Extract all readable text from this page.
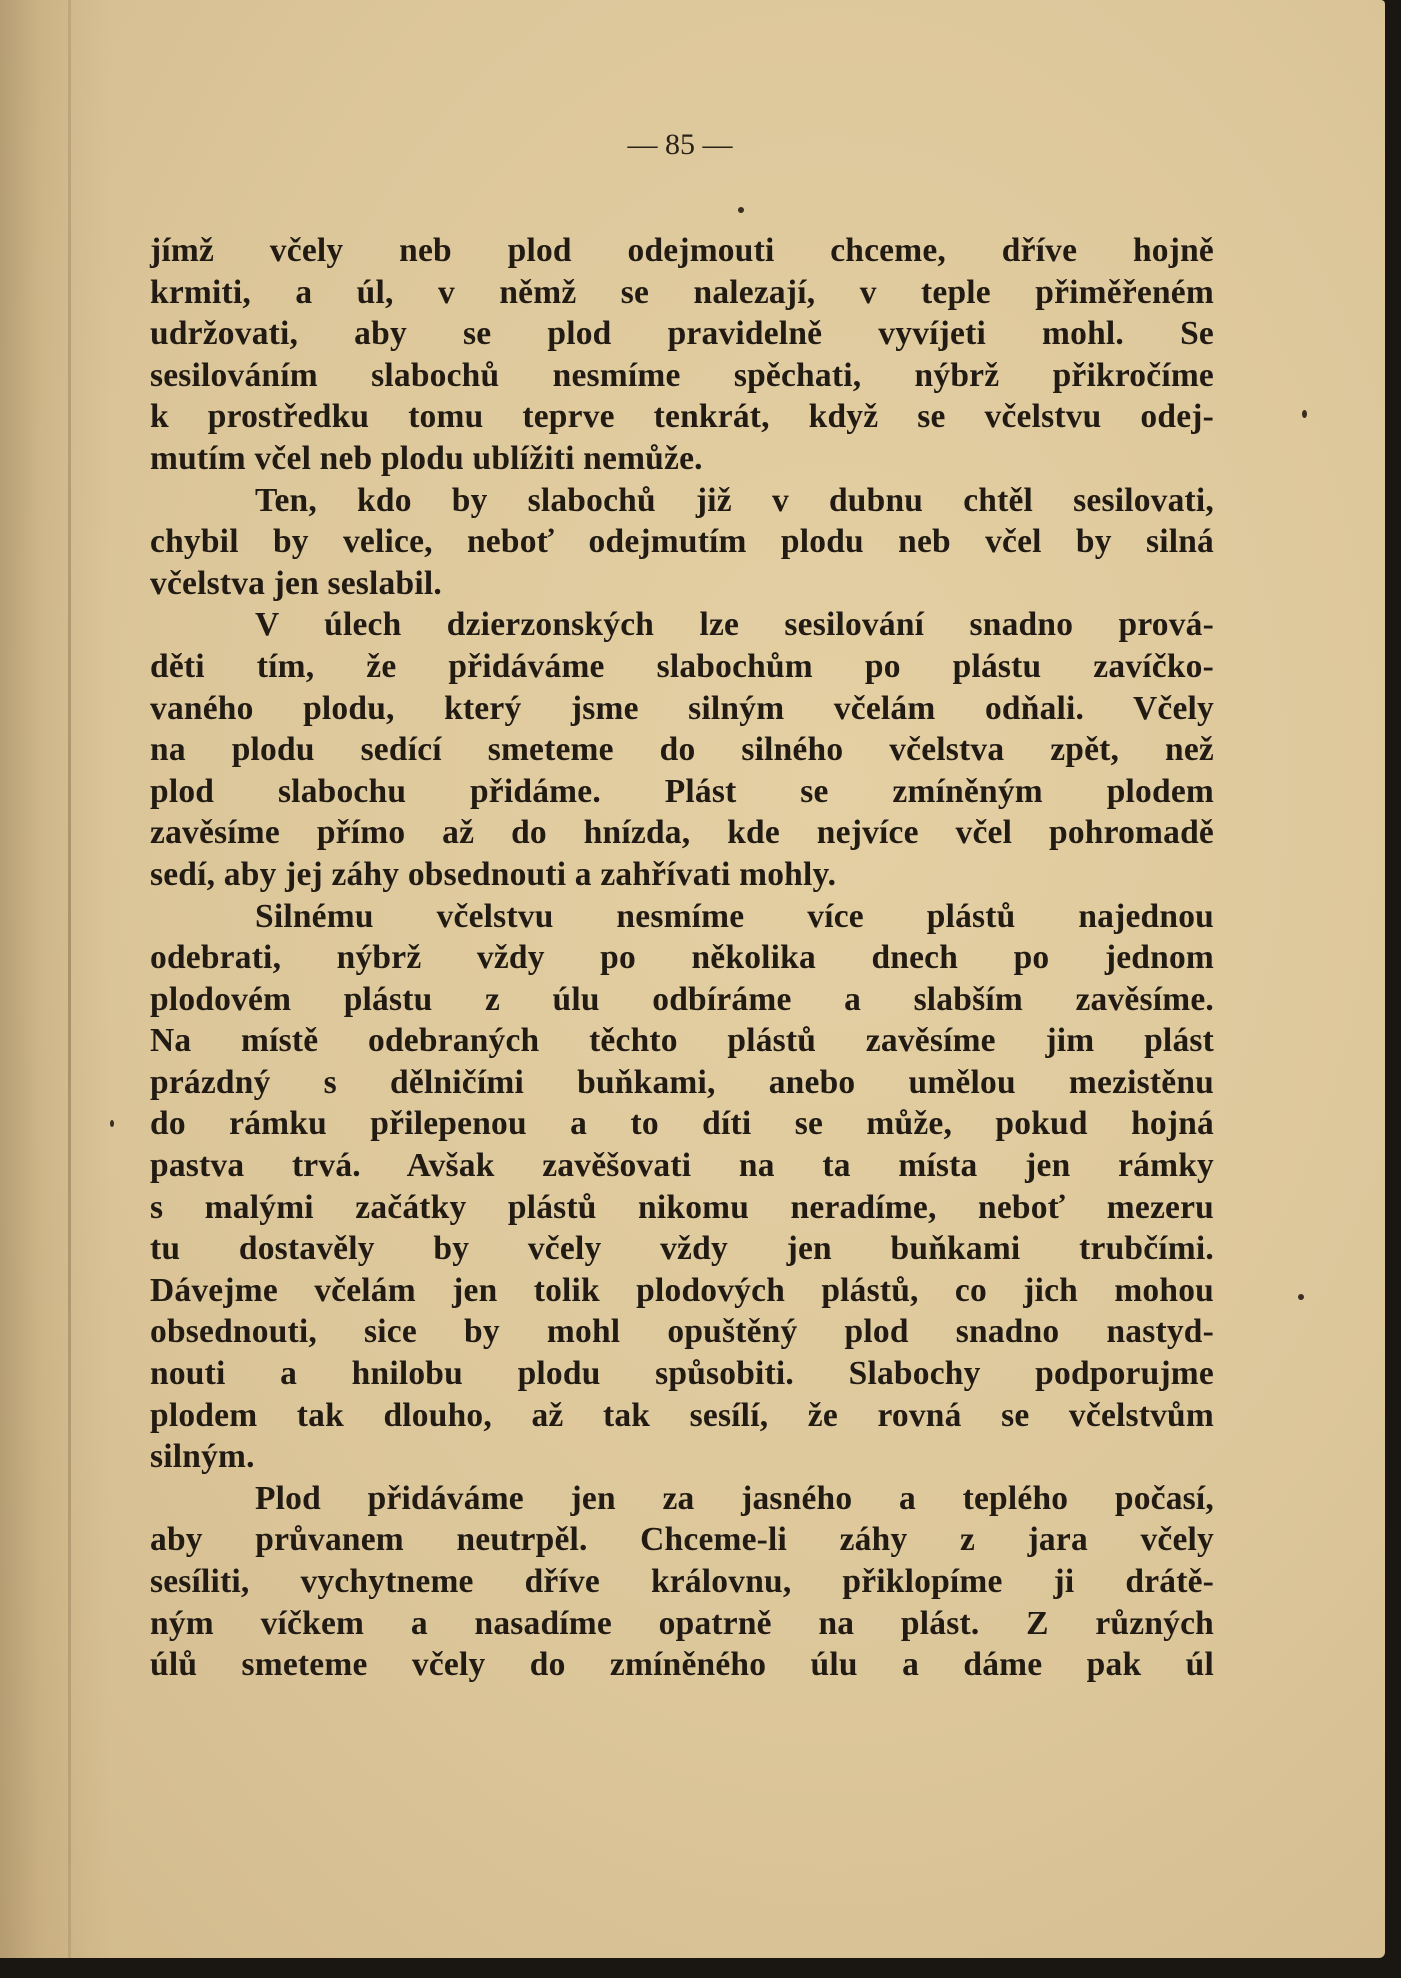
— 85 —
jímž včely neb plod odejmouti chceme, dříve hojně
krmiti, a úl, v němž se nalezají, v teple přiměřeném
udržovati, aby se plod pravidelně vyvíjeti mohl. Se
sesilováním slabochů nesmíme spěchati, nýbrž přikročíme
k prostředku tomu teprve tenkrát, když se včelstvu odej-
mutím včel neb plodu ublížiti nemůže.
Ten, kdo by slabochů již v dubnu chtěl sesilovati,
chybil by velice, neboť odejmutím plodu neb včel by silná
včelstva jen seslabil.
V úlech dzierzonských lze sesilování snadno prová-
děti tím, že přidáváme slabochům po plástu zavíčko-
vaného plodu, který jsme silným včelám odňali. Včely
na plodu sedící smeteme do silného včelstva zpět, než
plod slabochu přidáme. Plást se zmíněným plodem
zavěsíme přímo až do hnízda, kde nejvíce včel pohromadě
sedí, aby jej záhy obsednouti a zahřívati mohly.
Silnému včelstvu nesmíme více plástů najednou
odebrati, nýbrž vždy po několika dnech po jednom
plodovém plástu z úlu odbíráme a slabším zavěsíme.
Na místě odebraných těchto plástů zavěsíme jim plást
prázdný s dělničími buňkami, anebo umělou mezistěnu
do rámku přilepenou a to díti se může, pokud hojná
pastva trvá. Avšak zavěšovati na ta místa jen rámky
s malými začátky plástů nikomu neradíme, neboť mezeru
tu dostavěly by včely vždy jen buňkami trubčími.
Dávejme včelám jen tolik plodových plástů, co jich mohou
obsednouti, sice by mohl opuštěný plod snadno nastyd-
nouti a hnilobu plodu spůsobiti. Slabochy podporujme
plodem tak dlouho, až tak sesílí, že rovná se včelstvům
silným.
Plod přidáváme jen za jasného a teplého počasí,
aby průvanem neutrpěl. Chceme-li záhy z jara včely
sesíliti, vychytneme dříve královnu, přiklopíme ji drátě-
ným víčkem a nasadíme opatrně na plást. Z různých
úlů smeteme včely do zmíněného úlu a dáme pak úl
